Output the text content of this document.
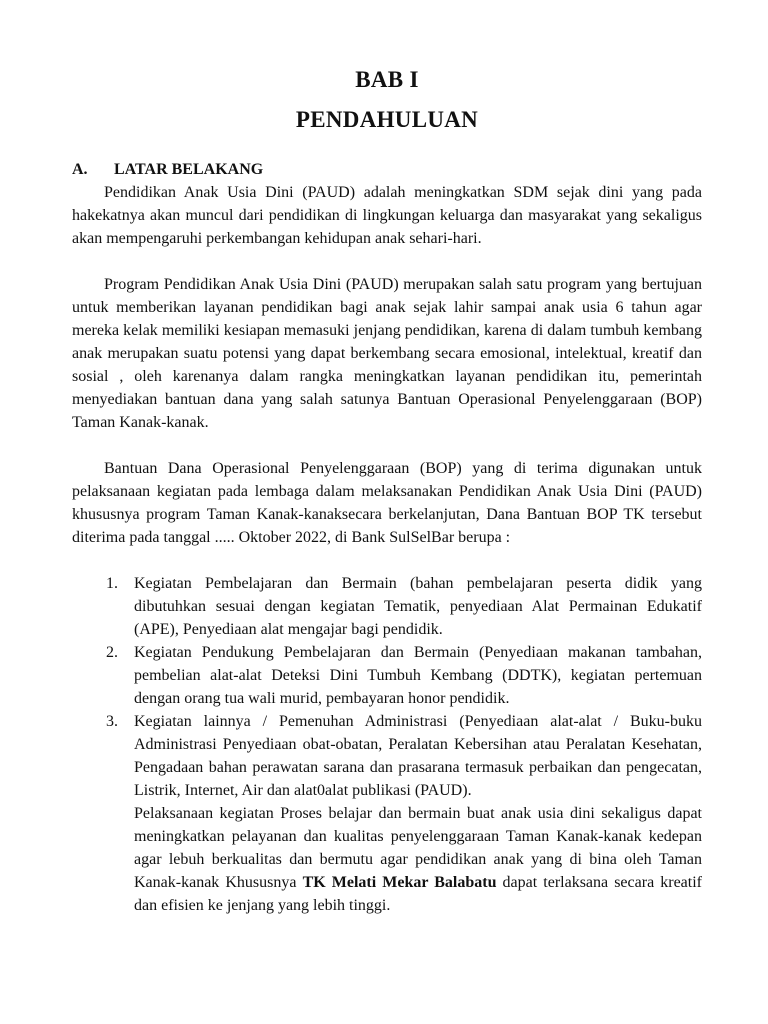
BAB I
PENDAHULUAN
A.	LATAR BELAKANG

Pendidikan Anak Usia Dini (PAUD) adalah meningkatkan SDM sejak dini yang pada hakekatnya akan muncul dari pendidikan di lingkungan keluarga dan masyarakat yang sekaligus akan mempengaruhi perkembangan kehidupan anak sehari-hari.

Program Pendidikan Anak Usia Dini (PAUD) merupakan salah satu program yang bertujuan untuk memberikan layanan pendidikan bagi anak sejak lahir sampai anak usia 6 tahun agar mereka kelak memiliki kesiapan memasuki jenjang pendidikan, karena di dalam tumbuh kembang anak merupakan suatu potensi yang dapat berkembang secara emosional, intelektual, kreatif dan sosial , oleh karenanya dalam rangka meningkatkan layanan pendidikan itu, pemerintah menyediakan bantuan dana yang salah satunya Bantuan Operasional Penyelenggaraan (BOP) Taman Kanak-kanak.

Bantuan Dana Operasional Penyelenggaraan (BOP) yang di terima digunakan untuk pelaksanaan kegiatan pada lembaga dalam melaksanakan Pendidikan Anak Usia Dini (PAUD) khususnya program Taman Kanak-kanaksecara berkelanjutan, Dana Bantuan BOP TK tersebut diterima pada tanggal ..... Oktober 2022, di Bank SulSelBar berupa :

1.	Kegiatan Pembelajaran dan Bermain (bahan pembelajaran peserta didik yang dibutuhkan sesuai dengan kegiatan Tematik, penyediaan Alat Permainan Edukatif (APE), Penyediaan alat mengajar bagi pendidik.
2.	Kegiatan Pendukung Pembelajaran dan Bermain (Penyediaan makanan tambahan, pembelian alat-alat Deteksi Dini Tumbuh Kembang (DDTK), kegiatan pertemuan dengan orang tua wali murid, pembayaran honor pendidik.
3.	Kegiatan lainnya / Pemenuhan Administrasi (Penyediaan alat-alat / Buku-buku Administrasi Penyediaan obat-obatan, Peralatan Kebersihan atau Peralatan Kesehatan, Pengadaan bahan perawatan sarana dan prasarana termasuk perbaikan dan pengecatan, Listrik, Internet, Air dan alat0alat publikasi (PAUD).
Pelaksanaan kegiatan Proses belajar dan bermain buat anak usia dini sekaligus dapat meningkatkan pelayanan dan kualitas penyelenggaraan Taman Kanak-kanak kedepan agar lebuh berkualitas dan bermutu agar pendidikan anak yang di bina oleh Taman Kanak-kanak Khususnya TK Melati Mekar Balabatu dapat terlaksana secara kreatif dan efisien ke jenjang yang lebih tinggi.
